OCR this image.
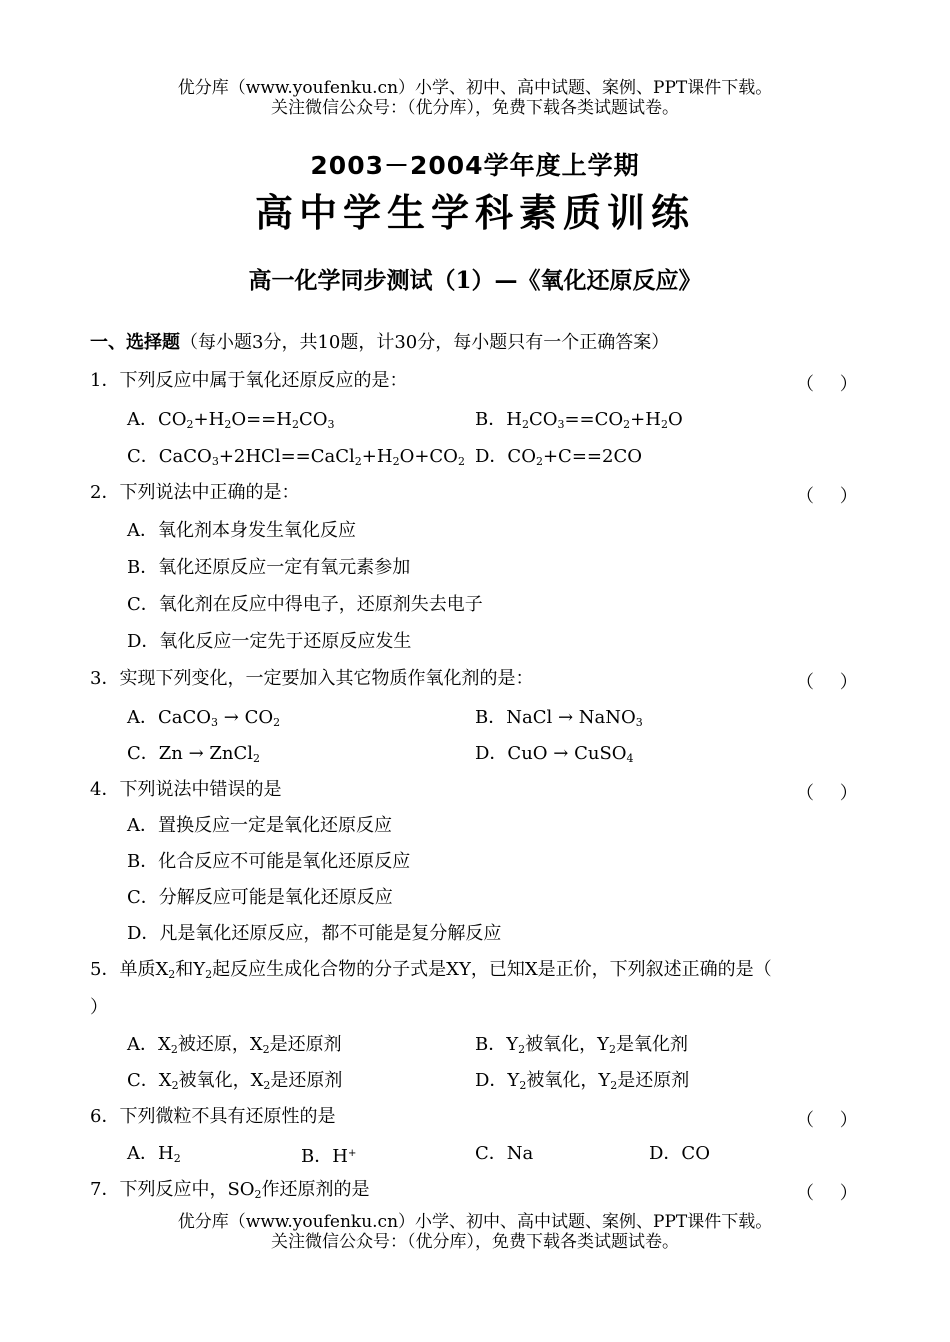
优分库（www.youfenku.cn）小学、初中、高中试题、案例、PPT课件下载。
关注微信公众号：（优分库），免费下载各类试题试卷。
2003－2004学年度上学期
高中学生学科素质训练
高一化学同步测试（1）—《氧化还原反应》
一、选择题（每小题3分，共10题，计30分，每小题只有一个正确答案）
1．下列反应中属于氧化还原反应的是：	（ ）
A．$CO_2+H_2O==H_2CO_3$	B．$H_2CO_3==CO_2+H_2O$
C．$CaCO_3+2HCl==CaCl_2+H_2O+CO_2$ D．$CO_2+C==2CO$
2．下列说法中正确的是：	（ ）
A．氧化剂本身发生氧化反应
B．氧化还原反应一定有氧元素参加
C．氧化剂在反应中得电子，还原剂失去电子
D．氧化反应一定先于还原反应发生
3．实现下列变化，一定要加入其它物质作氧化剂的是：	（ ）
A．CaCO$_3$ → $CO_2$	B．NaCl → NaNO$_3$
C．Zn → ZnCl$_2$	D．CuO → CuSO$_4$
4．下列说法中错误的是	（ ）
A．置换反应一定是氧化还原反应
B．化合反应不可能是氧化还原反应
C．分解反应可能是氧化还原反应
D．凡是氧化还原反应，都不可能是复分解反应
5．单质$X_2$和$Y_2$起反应生成化合物的分子式是XY，已知X是正价，下列叙述正确的是（
）
A．$X_2$被还原，$X_2$是还原剂	B．$Y_2$被氧化，$Y_2$是氧化剂
C．$X_2$被氧化，$X_2$是还原剂	D．$Y_2$被氧化，$Y_2$是还原剂
6．下列微粒不具有还原性的是	（ ）
A．$H_2$	B．H+	C．Na	D．CO
7．下列反应中，$SO_2$作还原剂的是	（ ）
优分库（www.youfenku.cn）小学、初中、高中试题、案例、PPT课件下载。
关注微信公众号：（优分库），免费下载各类试题试卷。
